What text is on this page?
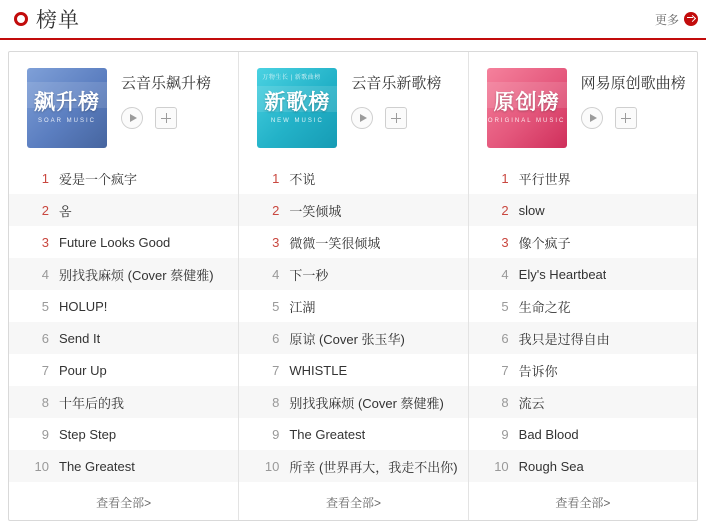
榜单	更多
飙升榜
SOAR MUSIC
云音乐飙升榜
1 爱是一个疯字
2 옴
3 Future Looks Good
4 别找我麻烦 (Cover 蔡健雅)
5 HOLUP!
6 Send It
7 Pour Up
8 十年后的我
9 Step Step
10 The Greatest
查看全部>
万物生长 | 新歌曲榜
新歌榜
NEW MUSIC
云音乐新歌榜
1 不说
2 一笑倾城
3 微微一笑很倾城
4 下一秒
5 江湖
6 原谅 (Cover 张玉华)
7 WHISTLE
8 别找我麻烦 (Cover 蔡健雅)
9 The Greatest
10 所幸 (世界再大，我走不出你)
查看全部>
原创榜
ORIGINAL MUSIC
网易原创歌曲榜
1 平行世界
2 slow
3 像个疯子
4 Ely's Heartbeat
5 生命之花
6 我只是过得自由
7 告诉你
8 流云
9 Bad Blood
10 Rough Sea
查看全部>
